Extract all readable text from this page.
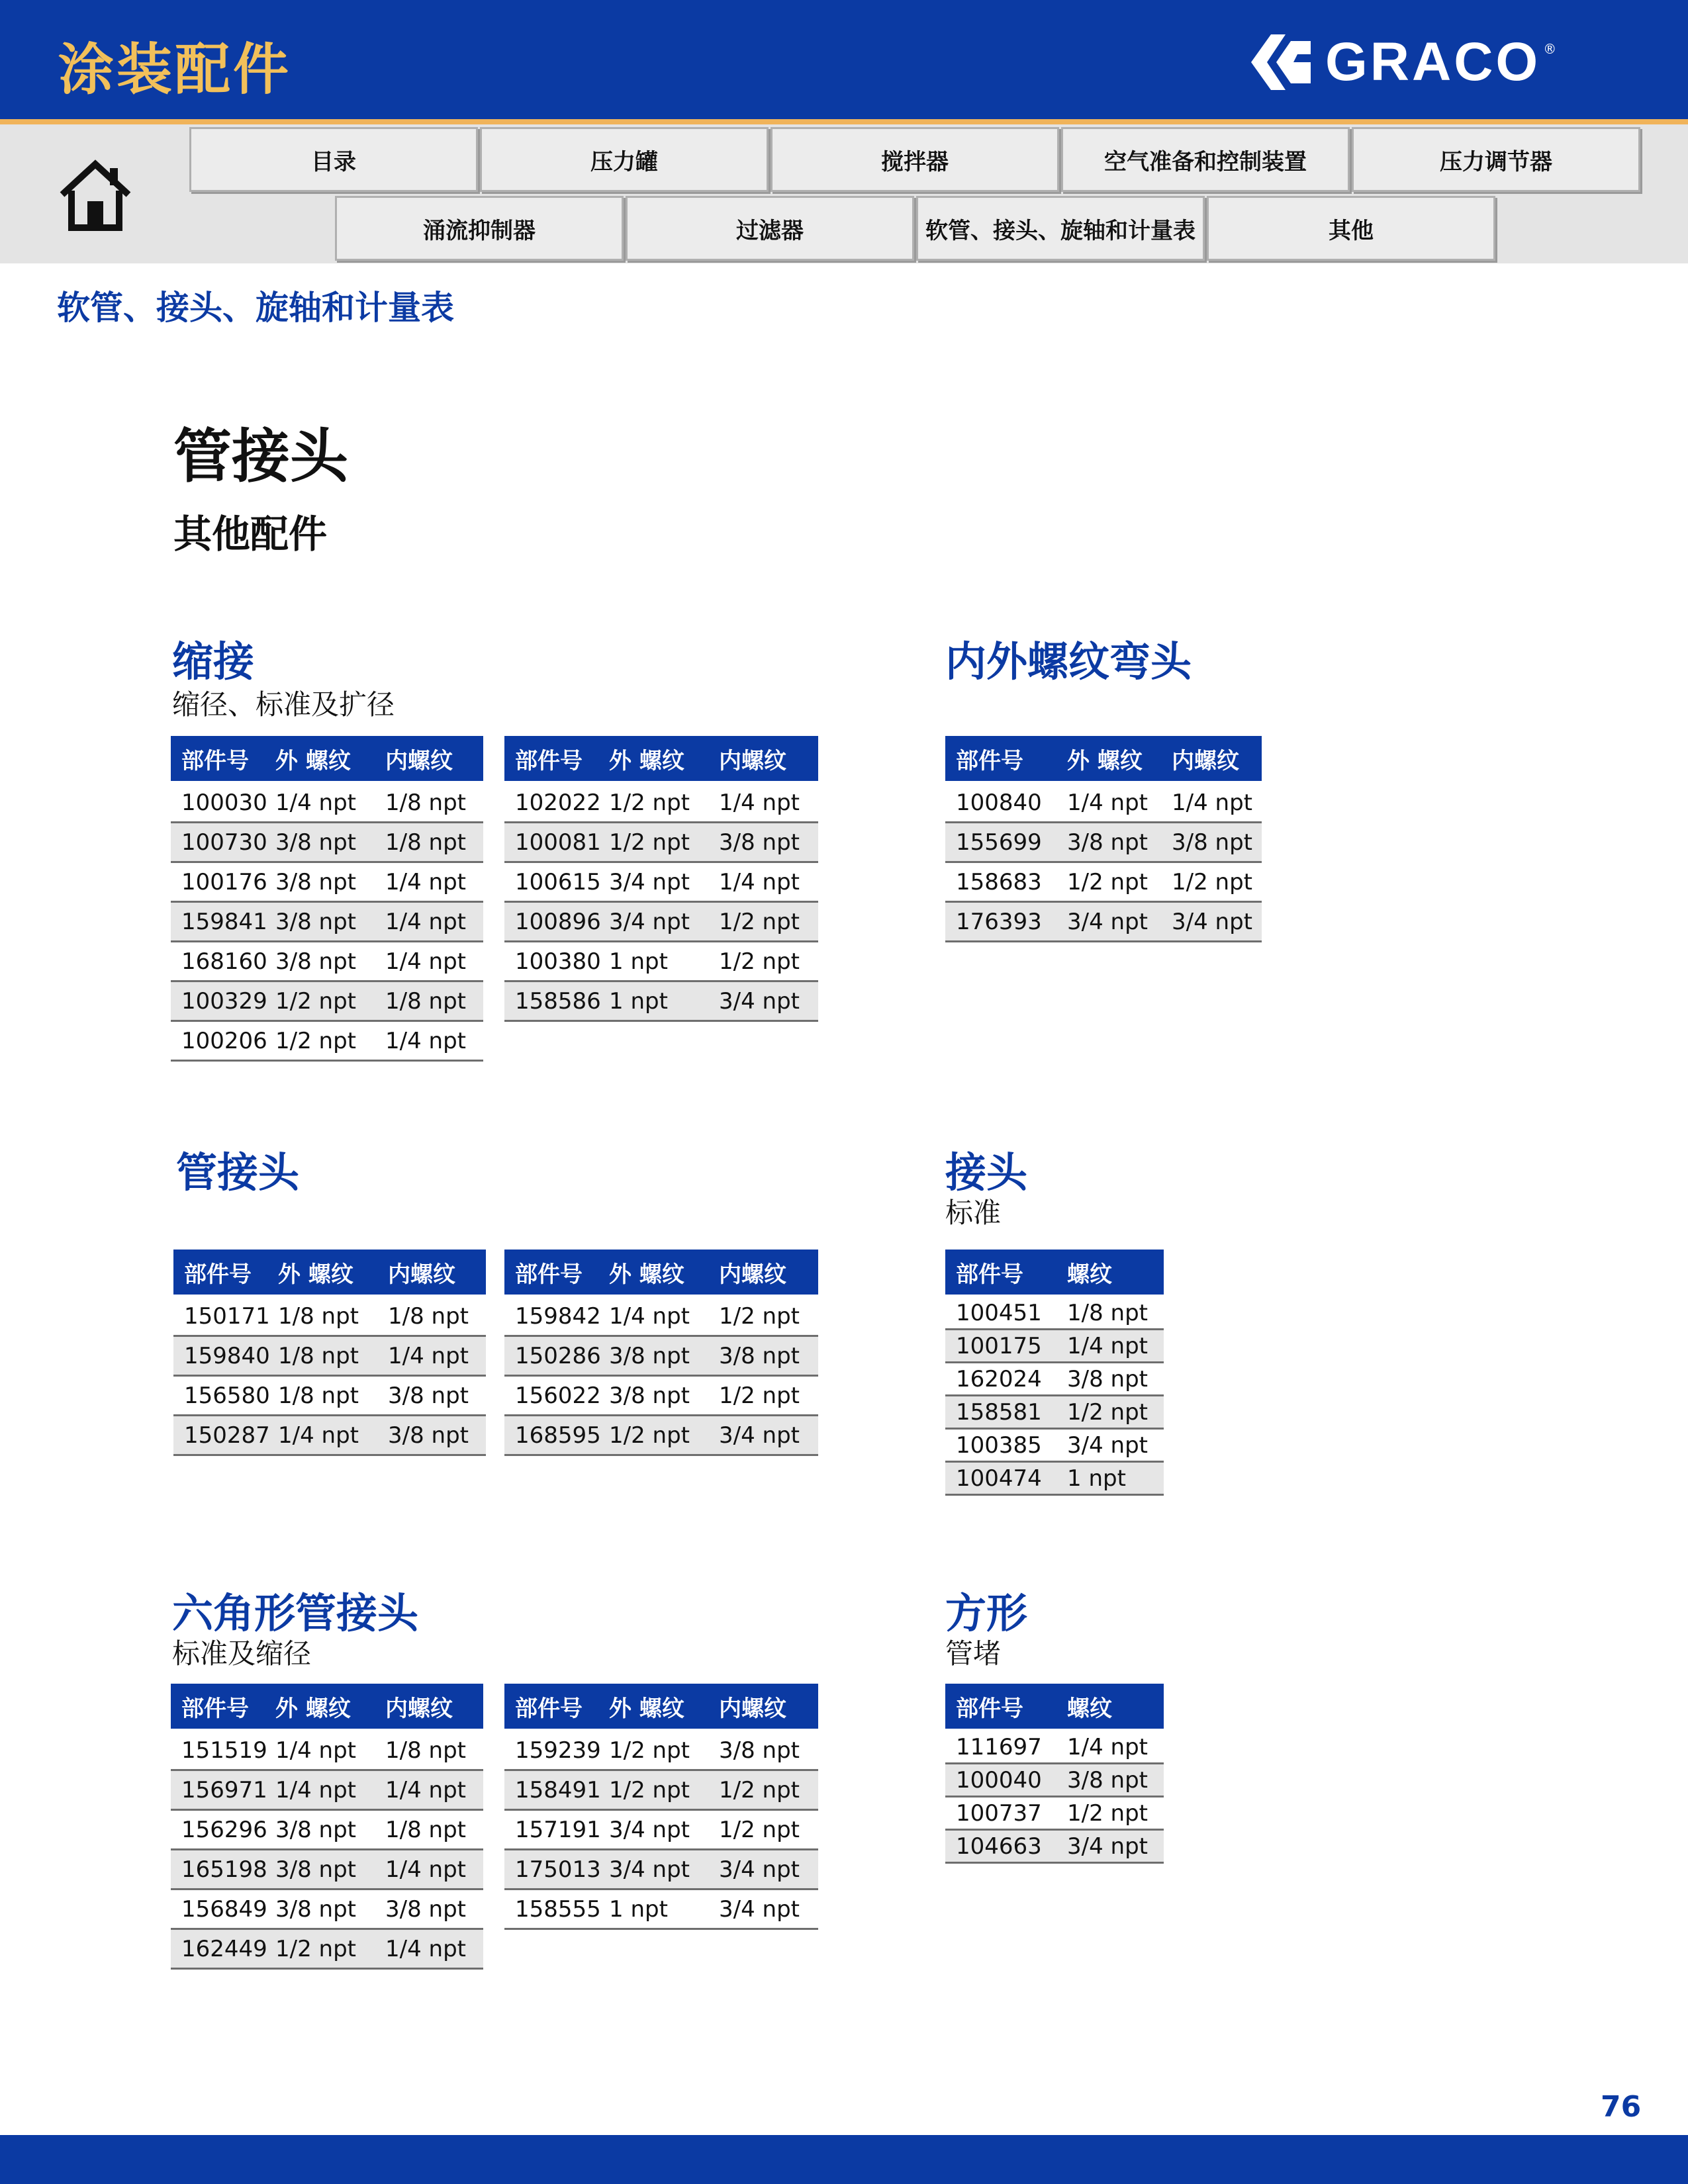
涂装配件	GRACO ®
目录	压力罐	搅拌器	空气准备和控制装置	压力调节器
涌流抑制器	过滤器	软管、接头、旋轴和计量表	其他
软管、接头、旋轴和计量表
管接头
其他配件
缩接
缩径、标准及扩径
内外螺纹弯头
管接头	接头
标准
六角形管接头
标准及缩径
方形
管堵
部件号	外 螺纹	内螺纹
100030 1/4 npt	1/8 npt
100730 3/8 npt	1/8 npt
100176 3/8 npt	1/4 npt
159841 3/8 npt	1/4 npt
168160 3/8 npt	1/4 npt
100329 1/2 npt	1/8 npt
100206 1/2 npt	1/4 npt
部件号	外 螺纹	内螺纹
102022 1/2 npt	1/4 npt
100081 1/2 npt	3/8 npt
100615 3/4 npt	1/4 npt
100896 3/4 npt	1/2 npt
100380 1 npt	1/2 npt
158586 1 npt	3/4 npt
部件号	外 螺纹	内螺纹
100840	1/4 npt	1/4 npt
155699	3/8 npt	3/8 npt
158683	1/2 npt	1/2 npt
176393	3/4 npt	3/4 npt
部件号	外 螺纹	内螺纹
150171 1/8 npt	1/8 npt
159840 1/8 npt	1/4 npt
156580 1/8 npt	3/8 npt
150287 1/4 npt	3/8 npt
部件号	外 螺纹	内螺纹
159842 1/4 npt	1/2 npt
150286 3/8 npt	3/8 npt
156022 3/8 npt	1/2 npt
168595 1/2 npt	3/4 npt
部件号	螺纹
100451	1/8 npt
100175	1/4 npt
162024	3/8 npt
158581	1/2 npt
100385	3/4 npt
100474	1 npt
部件号	外 螺纹	内螺纹
151519 1/4 npt	1/8 npt
156971 1/4 npt	1/4 npt
156296 3/8 npt	1/8 npt
165198 3/8 npt	1/4 npt
156849 3/8 npt	3/8 npt
162449 1/2 npt	1/4 npt
部件号	外 螺纹	内螺纹
159239 1/2 npt	3/8 npt
158491 1/2 npt	1/2 npt
157191 3/4 npt	1/2 npt
175013 3/4 npt	3/4 npt
158555 1 npt	3/4 npt
部件号	螺纹
111697	1/4 npt
100040	3/8 npt
100737	1/2 npt
104663	3/4 npt
76
